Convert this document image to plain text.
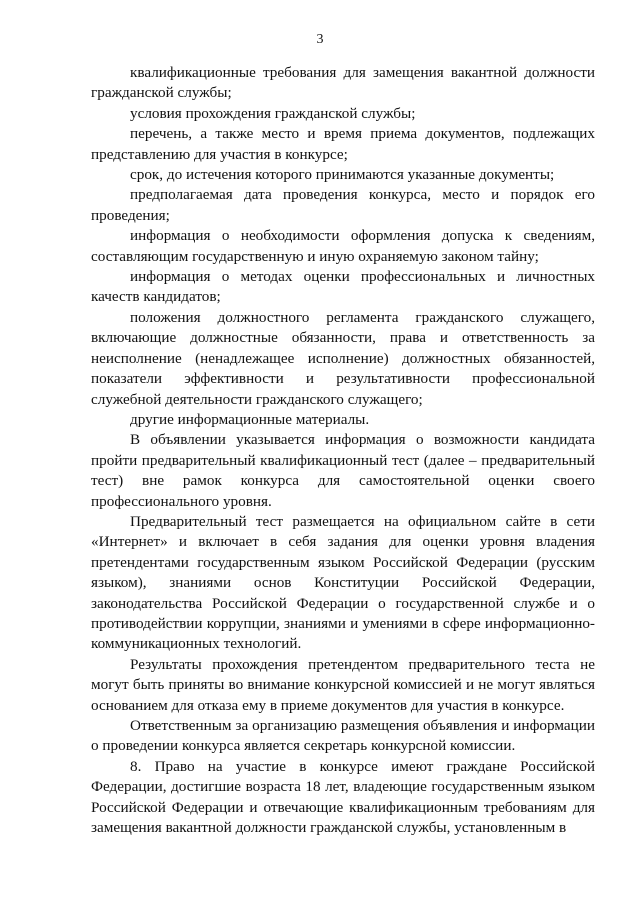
3

квалификационные требования для замещения вакантной должности гражданской службы;

условия прохождения гражданской службы;

перечень, а также место и время приема документов, подлежащих представлению для участия в конкурсе;

срок, до истечения которого принимаются указанные документы;

предполагаемая дата проведения конкурса, место и порядок его проведения;

информация о необходимости оформления допуска к сведениям, составляющим государственную и иную охраняемую законом тайну;

информация о методах оценки профессиональных и личностных качеств кандидатов;

положения должностного регламента гражданского служащего, включающие должностные обязанности, права и ответственность за неисполнение (ненадлежащее исполнение) должностных обязанностей, показатели эффективности и результативности профессиональной служебной деятельности гражданского служащего;

другие информационные материалы.

В объявлении указывается информация о возможности кандидата пройти предварительный квалификационный тест (далее – предварительный тест) вне рамок конкурса для самостоятельной оценки своего профессионального уровня.

Предварительный тест размещается на официальном сайте в сети «Интернет» и включает в себя задания для оценки уровня владения претендентами государственным языком Российской Федерации (русским языком), знаниями основ Конституции Российской Федерации, законодательства Российской Федерации о государственной службе и о противодействии коррупции, знаниями и умениями в сфере информационно-коммуникационных технологий.

Результаты прохождения претендентом предварительного теста не могут быть приняты во внимание конкурсной комиссией и не могут являться основанием для отказа ему в приеме документов для участия в конкурсе.

Ответственным за организацию размещения объявления и информации о проведении конкурса является секретарь конкурсной комиссии.

8. Право на участие в конкурсе имеют граждане Российской Федерации, достигшие возраста 18 лет, владеющие государственным языком Российской Федерации и отвечающие квалификационным требованиям для замещения вакантной должности гражданской службы, установленным в
